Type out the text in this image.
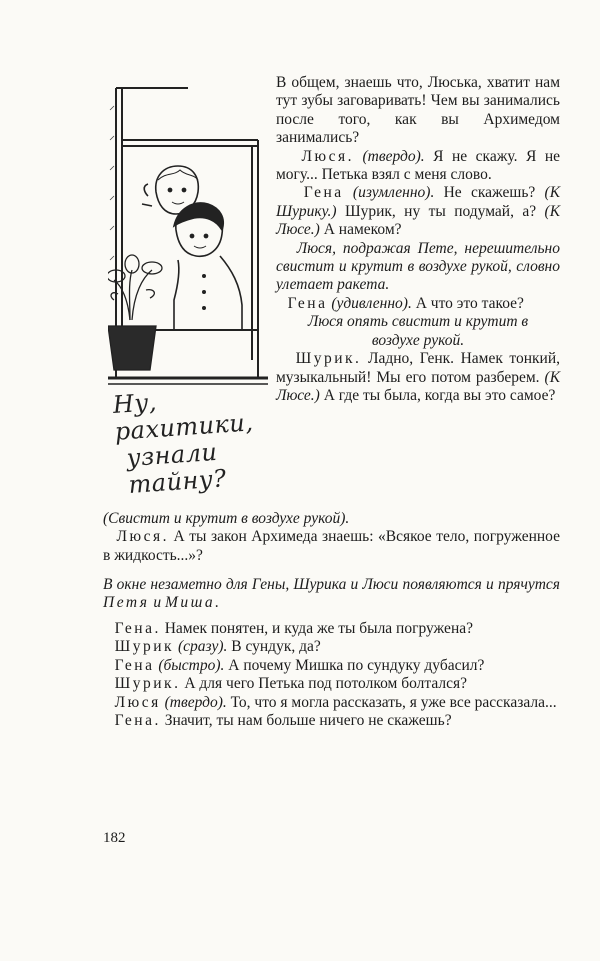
Ну, рахитики,
узнали
тайну?

В общем, знаешь что, Люська, хватит нам тут зубы заговаривать! Чем вы занимались после того, как вы Архимедом занимались?

Люся. (твердо). Я не скажу. Я не могу... Петька взял с меня слово.

Гена (изумленно). Не скажешь? (К Шурику.) Шурик, ну ты подумай, а? (К Люсе.) А намеком?

Люся, подражая Пете, нерешительно свистит и крутит в воздухе рукой, словно улетает ракета.

Гена (удивленно). А что это такое?

Люся опять свистит и крутит в воздухе рукой.

Шурик. Ладно, Генк. Намек тонкий, музыкальный! Мы его потом разберем. (К Люсе.) А где ты была, когда вы это самое?

(Свистит и крутит в воздухе рукой).

Люся. А ты закон Архимеда знаешь: «Всякое тело, погруженное в жидкость...»?

В окне незаметно для Гены, Шурика и Люси появляются и прячутся Петя и Миша.

Гена. Намек понятен, и куда же ты была погружена?

Шурик (сразу). В сундук, да?

Гена (быстро). А почему Мишка по сундуку дубасил?

Шурик. А для чего Петька под потолком болтался?

Люся (твердо). То, что я могла рассказать, я уже все рассказала...

Гена. Значит, ты нам больше ничего не скажешь?

182
